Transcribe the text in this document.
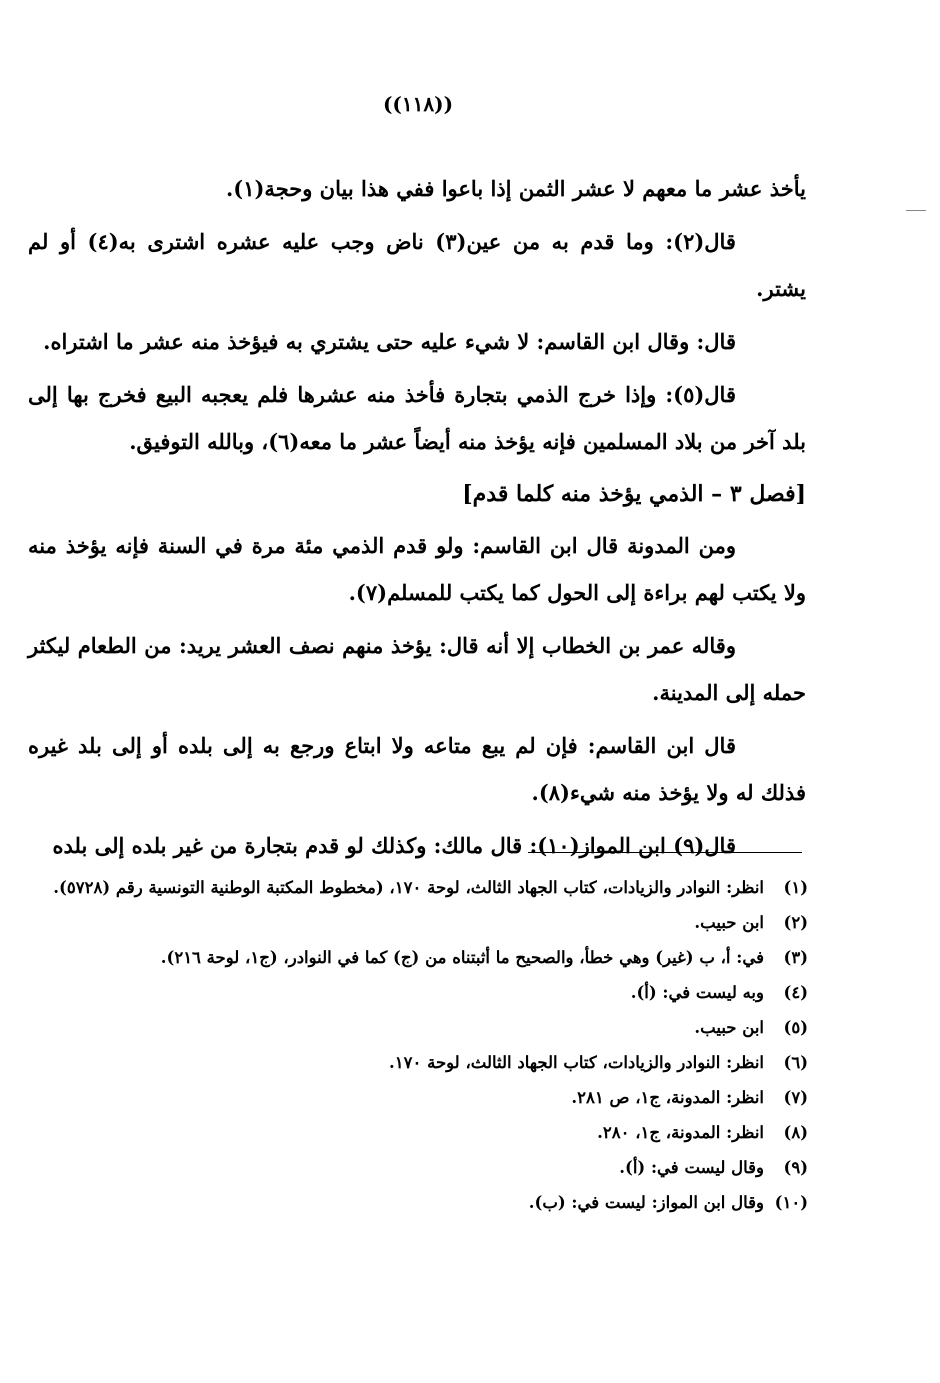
((١١٨))

يأخذ عشر ما معهم لا عشر الثمن إذا باعوا ففي هذا بيان وحجة(١).

قال(٢): وما قدم به من عين(٣) ناض وجب عليه عشره اشترى به(٤) أو لم يشتر.

قال: وقال ابن القاسم: لا شيء عليه حتى يشتري به فيؤخذ منه عشر ما اشتراه.

قال(٥): وإذا خرج الذمي بتجارة فأخذ منه عشرها فلم يعجبه البيع فخرج بها إلى بلد آخر من بلاد المسلمين فإنه يؤخذ منه أيضاً عشر ما معه(٦)، وبالله التوفيق.

[فصل ٣ – الذمي يؤخذ منه كلما قدم]

ومن المدونة قال ابن القاسم: ولو قدم الذمي مئة مرة في السنة فإنه يؤخذ منه ولا يكتب لهم براءة إلى الحول كما يكتب للمسلم(٧).

وقاله عمر بن الخطاب إلا أنه قال: يؤخذ منهم نصف العشر يريد: من الطعام ليكثر حمله إلى المدينة.

قال ابن القاسم: فإن لم يبع متاعه ولا ابتاع ورجع به إلى بلده أو إلى بلد غيره فذلك له ولا يؤخذ منه شيء(٨).

قال(٩) ابن المواز(١٠): قال مالك: وكذلك لو قدم بتجارة من غير بلده إلى بلده

(١)
انظر: النوادر والزيادات، كتاب الجهاد الثالث، لوحة ١٧٠، (مخطوط المكتبة الوطنية التونسية رقم (٥٧٢٨).
(٢)
ابن حبيب.
(٣)
في: أ، ب (غير) وهي خطأ، والصحيح ما أثبتناه من (ج) كما في النوادر، (ج١، لوحة ٢١٦).
(٤)
وبه ليست في: (أ).
(٥)
ابن حبيب.
(٦)
انظر: النوادر والزيادات، كتاب الجهاد الثالث، لوحة ١٧٠.
(٧)
انظر: المدونة، ج١، ص ٢٨١.
(٨)
انظر: المدونة، ج١، ٢٨٠.
(٩)
وقال ليست في: (أ).
(١٠)
وقال ابن المواز: ليست في: (ب).
